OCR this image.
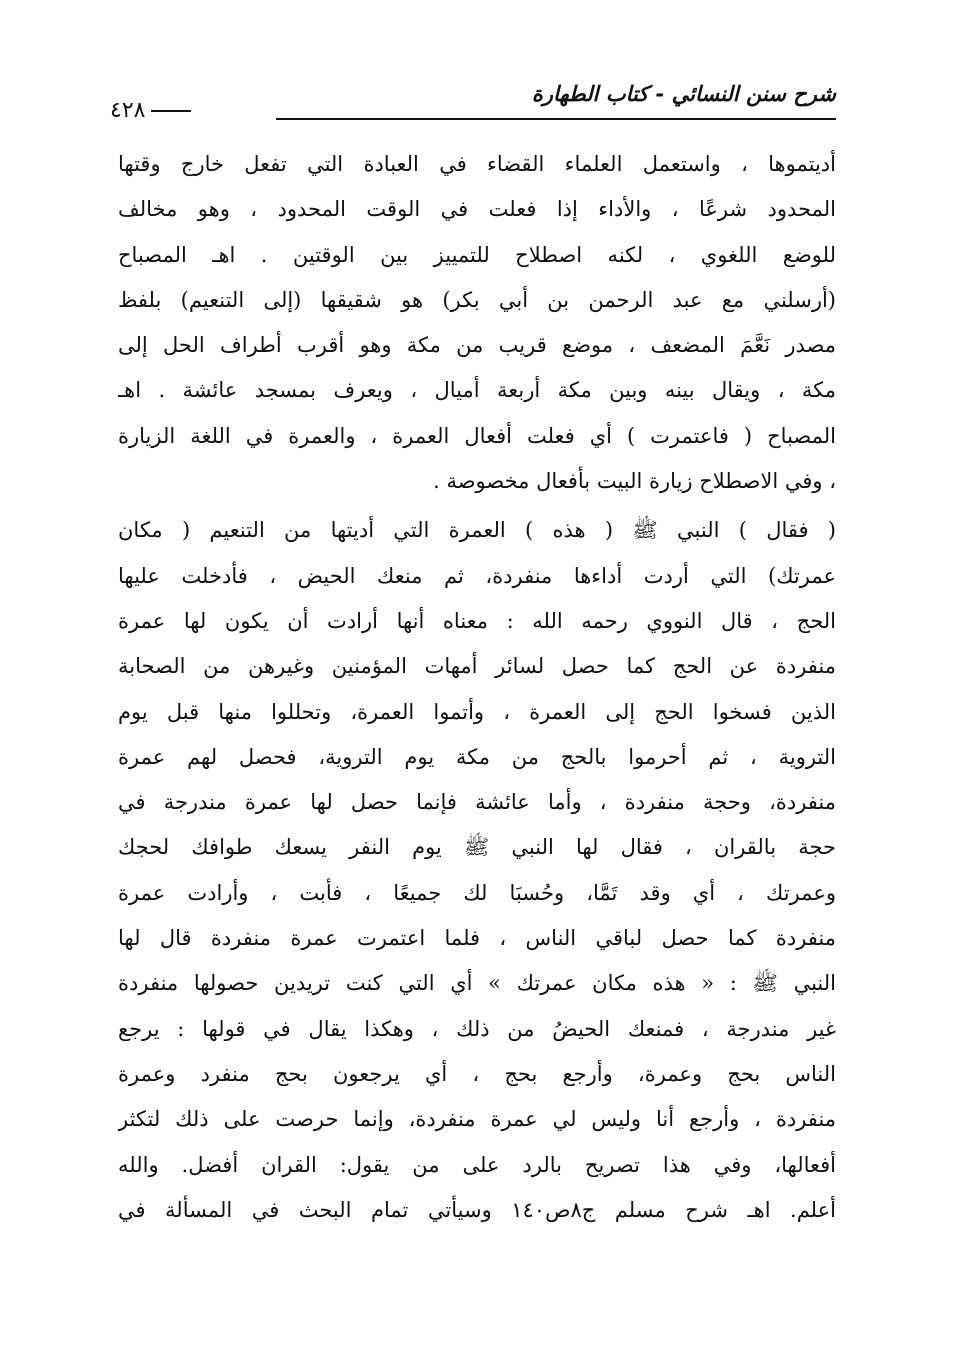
شرح سنن النسائي - كتاب الطهارة
٤٢٨
أديتموها ، واستعمل العلماء القضاء في العبادة التي تفعل خارج وقتها
المحدود شرعًا ، والأداء إذا فعلت في الوقت المحدود ، وهو مخالف
للوضع اللغوي ، لكنه اصطلاح للتمييز بين الوقتين . اهـ المصباح
(أرسلني مع عبد الرحمن بن أبي بكر) هو شقيقها (إلى التنعيم) بلفظ
مصدر نَعَّمَ المضعف ، موضع قريب من مكة وهو أقرب أطراف الحل إلى
مكة ، ويقال بينه وبين مكة أربعة أميال ، ويعرف بمسجد عائشة . اهـ
المصباح ( فاعتمرت ) أي فعلت أفعال العمرة ، والعمرة في اللغة الزيارة
، وفي الاصطلاح زيارة البيت بأفعال مخصوصة .
( فقال ) النبي ﷺ ( هذه ) العمرة التي أديتها من التنعيم ( مكان
عمرتك) التي أردت أداءها منفردة، ثم منعك الحيض ، فأدخلت عليها
الحج ، قال النووي رحمه الله : معناه أنها أرادت أن يكون لها عمرة
منفردة عن الحج كما حصل لسائر أمهات المؤمنين وغيرهن من الصحابة
الذين فسخوا الحج إلى العمرة ، وأتموا العمرة، وتحللوا منها قبل يوم
التروية ، ثم أحرموا بالحج من مكة يوم التروية، فحصل لهم عمرة
منفردة، وحجة منفردة ، وأما عائشة فإنما حصل لها عمرة مندرجة في
حجة بالقران ، فقال لها النبي ﷺ يوم النفر يسعك طوافك لحجك
وعمرتك ، أي وقد تَمَّا، وحُسبَا لك جميعًا ، فأبت ، وأرادت عمرة
منفردة كما حصل لباقي الناس ، فلما اعتمرت عمرة منفردة قال لها
النبي ﷺ : « هذه مكان عمرتك » أي التي كنت تريدين حصولها منفردة
غير مندرجة ، فمنعك الحيضُ من ذلك ، وهكذا يقال في قولها : يرجع
الناس بحج وعمرة، وأرجع بحج ، أي يرجعون بحج منفرد وعمرة
منفردة ، وأرجع أنا وليس لي عمرة منفردة، وإنما حرصت على ذلك لتكثر
أفعالها، وفي هذا تصريح بالرد على من يقول: القران أفضل. والله
أعلم. اهـ شرح مسلم ج٨ص١٤٠ وسيأتي تمام البحث في المسألة في
